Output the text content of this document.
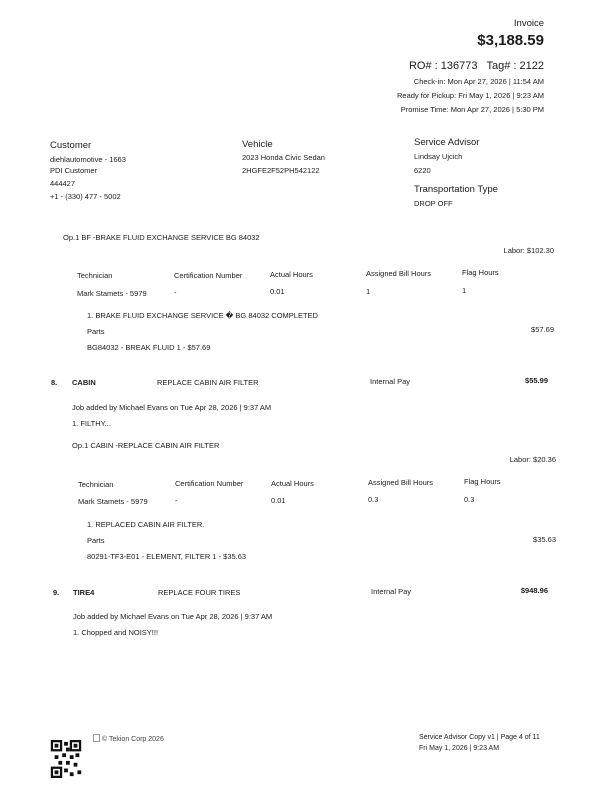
Invoice
$3,188.59
RO# : 136773 Tag# : 2122
Check-in: Mon Apr 27, 2026 | 11:54 AM
Ready for Pickup: Fri May 1, 2026 | 9:23 AM
Promise Time: Mon Apr 27, 2026 | 5:30 PM
Customer
diehlautomotive - 1663
PDI Customer
444427
+1 - (330) 477 - 5002
Vehicle
2023 Honda Civic Sedan
2HGFE2F52PH542122
Service Advisor
Lindsay Ujcich
6220
Transportation Type
DROP OFF
Op.1 BF -BRAKE FLUID EXCHANGE SERVICE BG 84032
Labor: $102.30
Technician	Certification Number	Actual Hours	Assigned Bill Hours	Flag Hours
Mark Stamets - 5979	-	0.01	1	1
1. BRAKE FLUID EXCHANGE SERVICE � BG 84032 COMPLETED
Parts	$57.69
BG84032 - BREAK FLUID 1 - $57.69
8. CABIN	REPLACE CABIN AIR FILTER	Internal Pay	$55.99
Job added by Michael Evans on Tue Apr 28, 2026 | 9:37 AM
1. FILTHY...
Op.1 CABIN -REPLACE CABIN AIR FILTER
Labor: $20.36
Technician	Certification Number	Actual Hours	Assigned Bill Hours	Flag Hours
Mark Stamets - 5979	-	0.01	0.3	0.3
1. REPLACED CABIN AIR FILTER.
Parts	$35.63
80291-TF3-E01 - ELEMENT, FILTER 1 - $35.63
9. TIRE4	REPLACE FOUR TIRES	Internal Pay	$948.96
Job added by Michael Evans on Tue Apr 28, 2026 | 9:37 AM
1. Chopped and NOISY!!!
© Tekion Corp 2026	Service Advisor Copy v1 | Page 4 of 11
Fri May 1, 2026 | 9:23 AM
